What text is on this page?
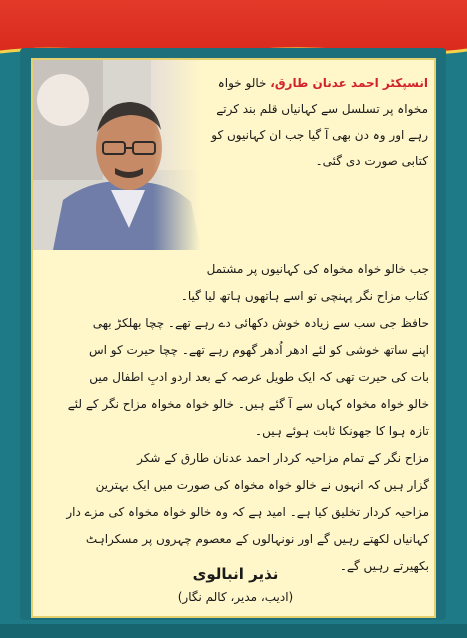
انسپکٹر احمد عدنان طارق، خالو خواہ مخواہ پر تسلسل سے کہانیاں قلم بند کرتے رہے اور وہ دن بھی آ گیا جب ان کہانیوں کو کتابی صورت دی گئی۔
جب خالو خواہ مخواہ کی کہانیوں پر مشتمل
کتاب مزاح نگر پہنچی تو اسے ہاتھوں ہاتھ لیا گیا۔
حافظ جی سب سے زیادہ خوش دکھائی دے رہے تھے۔ چچا بھلکڑ بھی
اپنے ساتھ خوشی کو لئے ادھر اُدھر گھوم رہے تھے۔ چچا حیرت کو اس
بات کی حیرت تھی کہ ایک طویل عرصہ کے بعد اردو ادبِ اطفال میں
خالو خواہ مخواہ کہاں سے آ گئے ہیں۔ خالو خواہ مخواہ مزاح نگر کے لئے
تازہ ہوا کا جھونکا ثابت ہوئے ہیں۔
مزاح نگر کے تمام مزاحیہ کردار احمد عدنان طارق کے شکر
گزار ہیں کہ انہوں نے خالو خواہ مخواہ کی صورت میں ایک بہترین
مزاحیہ کردار تخلیق کیا ہے۔ امید ہے کہ وہ خالو خواہ مخواہ کی مزے دار
کہانیاں لکھتے رہیں گے اور نونہالوں کے معصوم چہروں پر مسکراہٹ
بکھیرتے رہیں گے۔
نذیر انبالوی
(ادیب، مدیر، کالم نگار)
